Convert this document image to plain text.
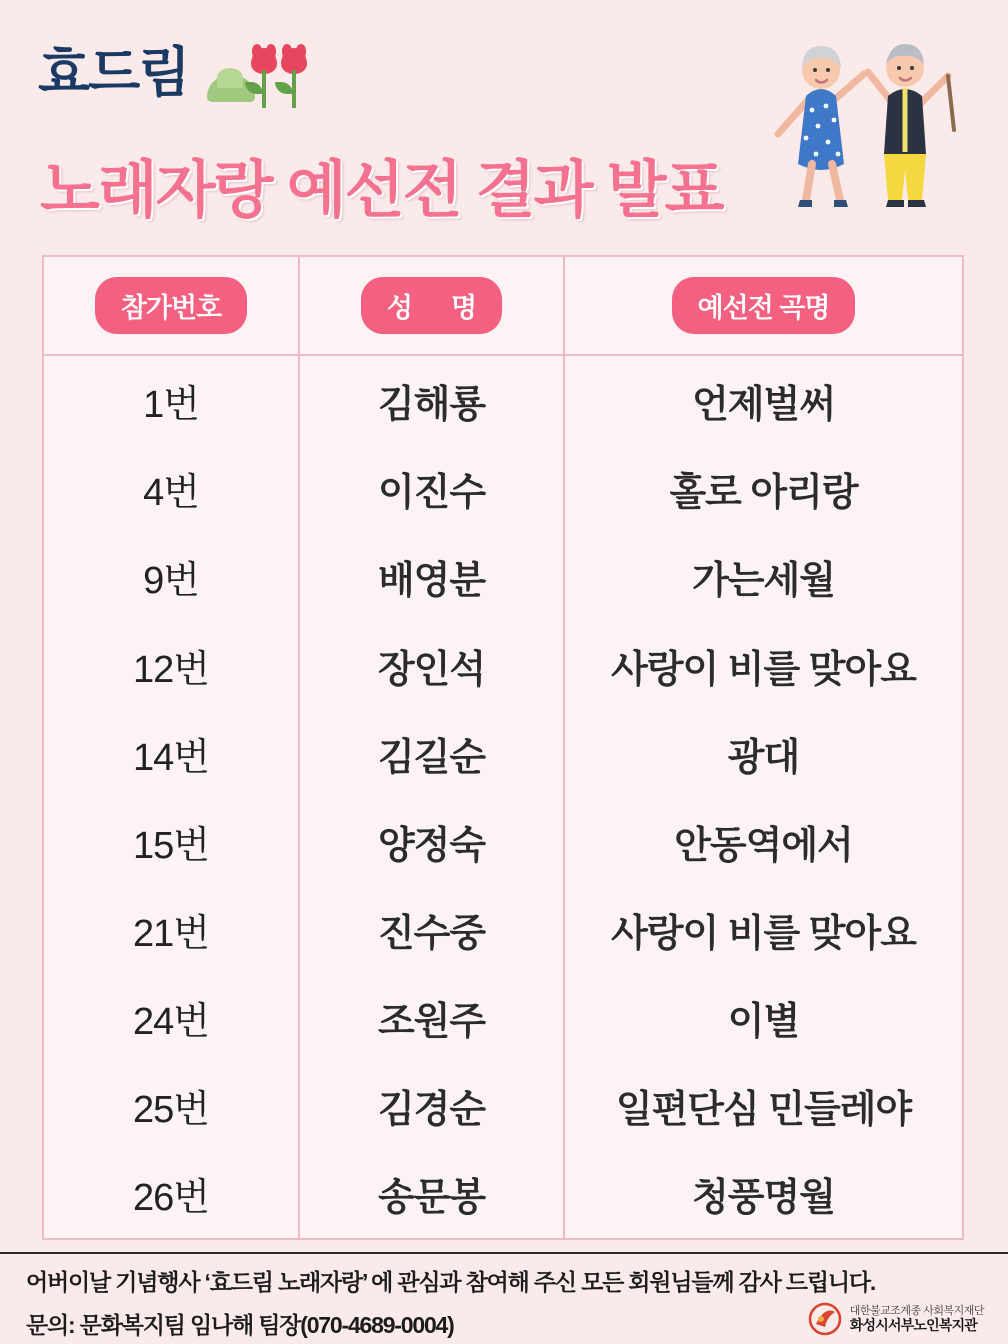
효드림
노래자랑 예선전 결과 발표
참가번호	성      명	예선전 곡명
1번	김해룡	언제벌써
4번	이진수	홀로 아리랑
9번	배영분	가는세월
12번	장인석	사랑이 비를 맞아요
14번	김길순	광대
15번	양정숙	안동역에서
21번	진수중	사랑이 비를 맞아요
24번	조원주	이별
25번	김경순	일편단심 민들레야
26번	송문봉	청풍명월
어버이날 기념행사 ‘효드림 노래자랑’ 에 관심과 참여해 주신 모든 회원님들께 감사 드립니다.
문의: 문화복지팀 임나해 팀장(070-4689-0004)
대한불교조계종 사회복지재단
화성시서부노인복지관
